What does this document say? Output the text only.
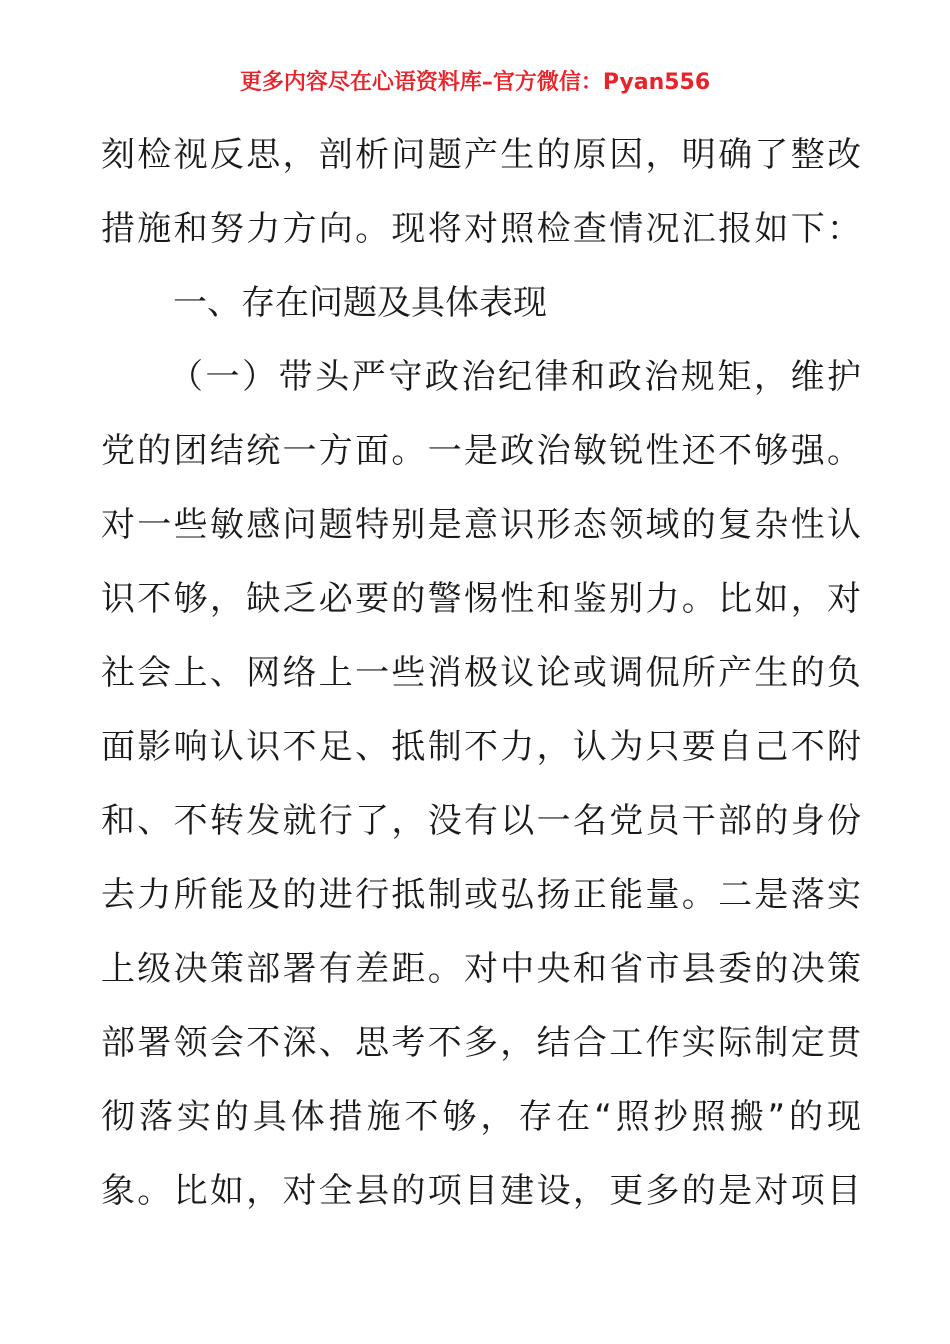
更多内容尽在心语资料库–官方微信：Pyan556
刻检视反思，剖析问题产生的原因，明确了整改
措施和努力方向。现将对照检查情况汇报如下：
一、存在问题及具体表现
（一）带头严守政治纪律和政治规矩，维护
党的团结统一方面。一是政治敏锐性还不够强。
对一些敏感问题特别是意识形态领域的复杂性认
识不够，缺乏必要的警惕性和鉴别力。比如，对
社会上、网络上一些消极议论或调侃所产生的负
面影响认识不足、抵制不力，认为只要自己不附
和、不转发就行了，没有以一名党员干部的身份
去力所能及的进行抵制或弘扬正能量。二是落实
上级决策部署有差距。对中央和省市县委的决策
部署领会不深、思考不多，结合工作实际制定贯
彻落实的具体措施不够，存在“照抄照搬”的现
象。比如，对全县的项目建设，更多的是对项目
